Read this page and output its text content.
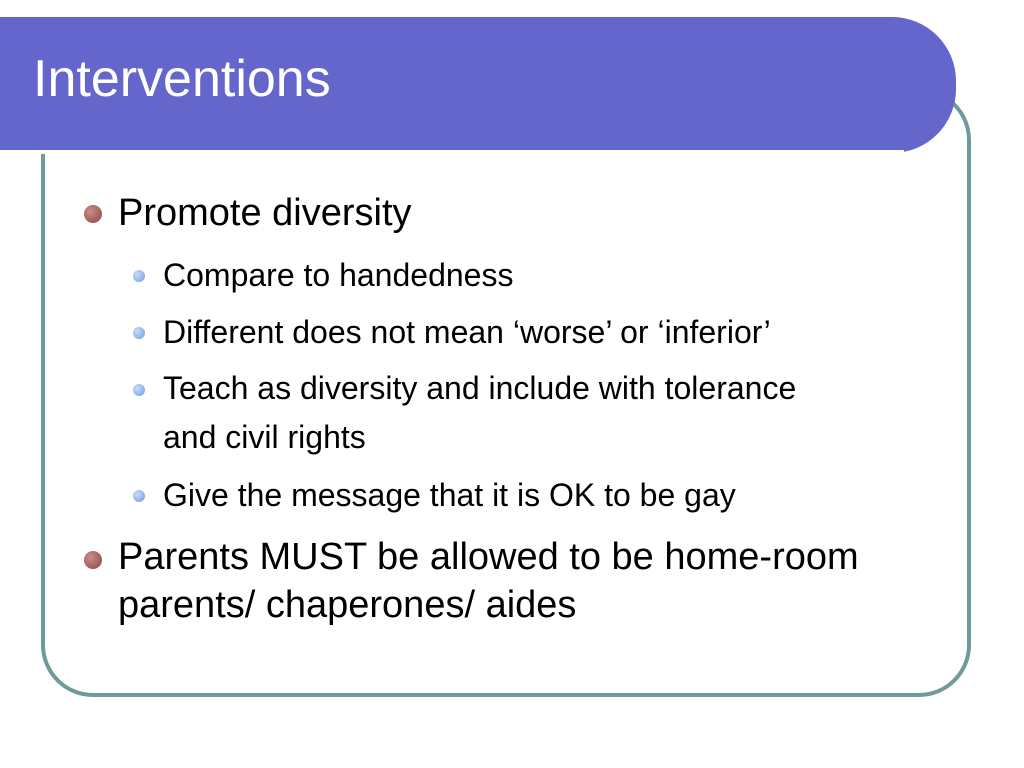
Interventions
Promote diversity
Compare to handedness
Different does not mean ‘worse’ or ‘inferior’
Teach as diversity and include with tolerance and civil rights
Give the message that it is OK to be gay
Parents MUST be allowed to be home-room parents/ chaperones/ aides
